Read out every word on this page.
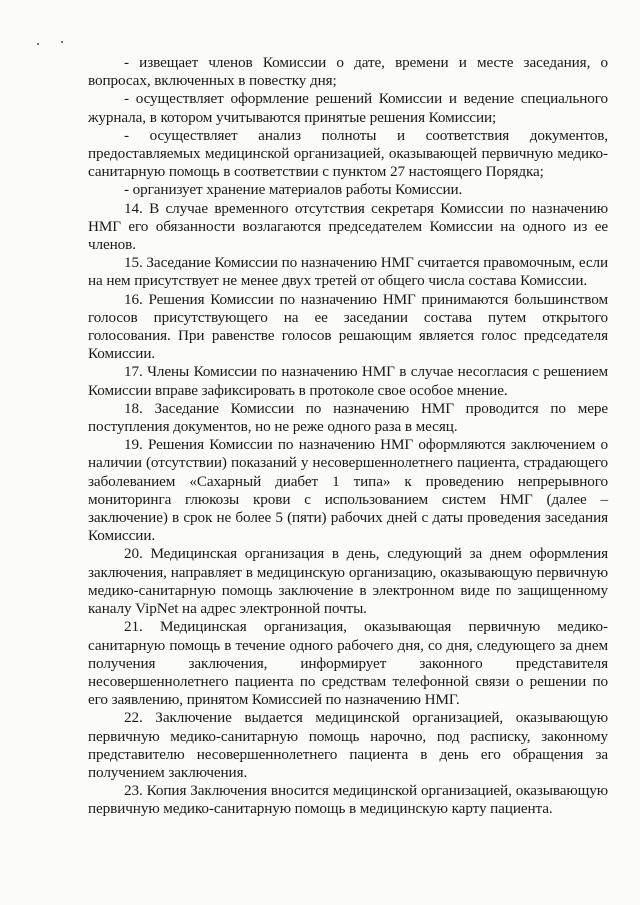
- извещает членов Комиссии о дате, времени и месте заседания, о вопросах, включенных в повестку дня;

- осуществляет оформление решений Комиссии и ведение специального журнала, в котором учитываются принятые решения Комиссии;

- осуществляет анализ полноты и соответствия документов, предоставляемых медицинской организацией, оказывающей первичную медико-санитарную помощь в соответствии с пунктом 27 настоящего Порядка;

- организует хранение материалов работы Комиссии.

14. В случае временного отсутствия секретаря Комиссии по назначению НМГ его обязанности возлагаются председателем Комиссии на одного из ее членов.

15. Заседание Комиссии по назначению НМГ считается правомочным, если на нем присутствует не менее двух третей от общего числа состава Комиссии.

16. Решения Комиссии по назначению НМГ принимаются большинством голосов присутствующего на ее заседании состава путем открытого голосования. При равенстве голосов решающим является голос председателя Комиссии.

17. Члены Комиссии по назначению НМГ в случае несогласия с решением Комиссии вправе зафиксировать в протоколе свое особое мнение.

18. Заседание Комиссии по назначению НМГ проводится по мере поступления документов, но не реже одного раза в месяц.

19. Решения Комиссии по назначению НМГ оформляются заключением о наличии (отсутствии) показаний у несовершеннолетнего пациента, страдающего заболеванием «Сахарный диабет 1 типа» к проведению непрерывного мониторинга глюкозы крови с использованием систем НМГ (далее – заключение) в срок не более 5 (пяти) рабочих дней с даты проведения заседания Комиссии.

20. Медицинская организация в день, следующий за днем оформления заключения, направляет в медицинскую организацию, оказывающую первичную медико-санитарную помощь заключение в электронном виде по защищенному каналу VipNet на адрес электронной почты.

21. Медицинская организация, оказывающая первичную медико-санитарную помощь в течение одного рабочего дня, со дня, следующего за днем получения заключения, информирует законного представителя несовершеннолетнего пациента по средствам телефонной связи о решении по его заявлению, принятом Комиссией по назначению НМГ.

22. Заключение выдается медицинской организацией, оказывающую первичную медико-санитарную помощь нарочно, под расписку, законному представителю несовершеннолетнего пациента в день его обращения за получением заключения.

23. Копия Заключения вносится медицинской организацией, оказывающую первичную медико-санитарную помощь в медицинскую карту пациента.
